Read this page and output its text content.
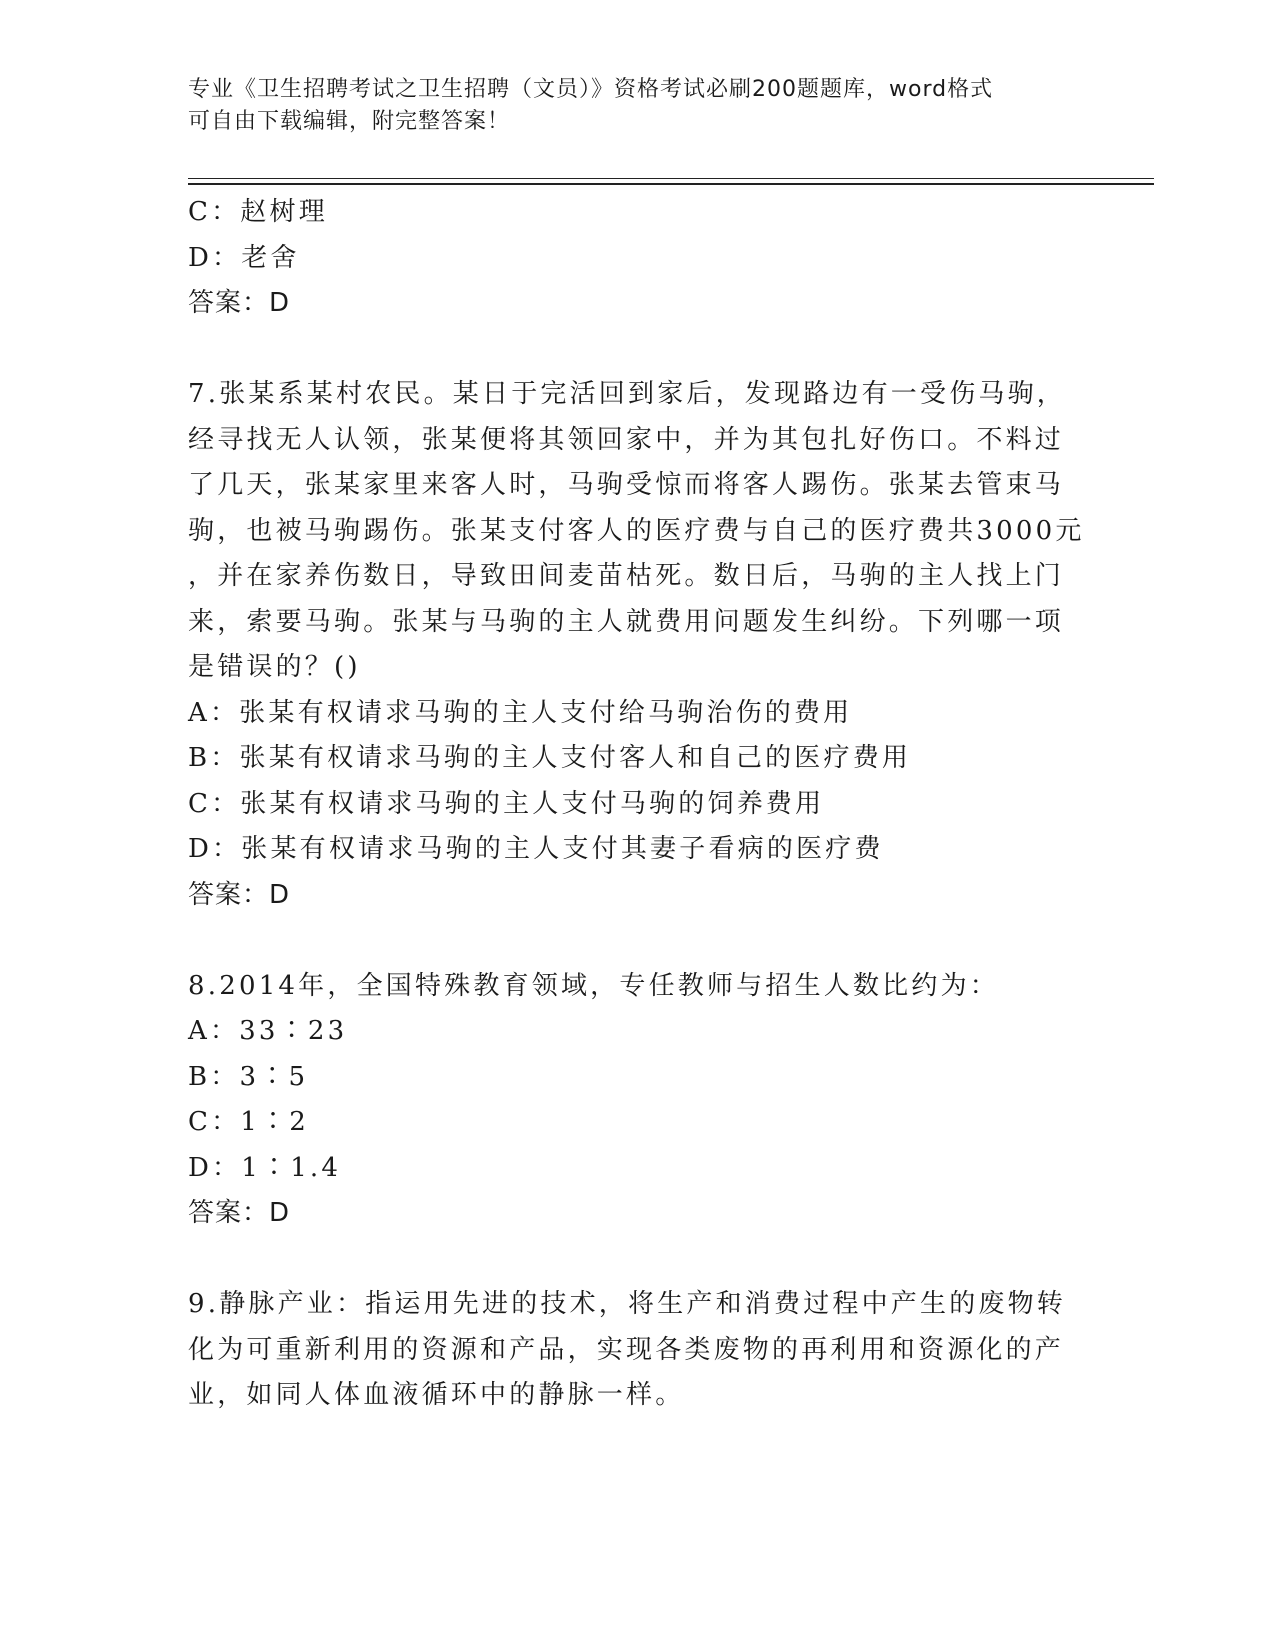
专业《卫生招聘考试之卫生招聘（文员）》资格考试必刷200题题库，word格式
可自由下载编辑，附完整答案！
C：赵树理
D：老舍
答案：D
7.张某系某村农民。某日于完活回到家后，发现路边有一受伤马驹，
经寻找无人认领，张某便将其领回家中，并为其包扎好伤口。不料过
了几天，张某家里来客人时，马驹受惊而将客人踢伤。张某去管束马
驹，也被马驹踢伤。张某支付客人的医疗费与自己的医疗费共3000元
，并在家养伤数日，导致田间麦苗枯死。数日后，马驹的主人找上门
来，索要马驹。张某与马驹的主人就费用问题发生纠纷。下列哪一项
是错误的？()
A：张某有权请求马驹的主人支付给马驹治伤的费用
B：张某有权请求马驹的主人支付客人和自己的医疗费用
C：张某有权请求马驹的主人支付马驹的饲养费用
D：张某有权请求马驹的主人支付其妻子看病的医疗费
答案：D
8.2014年，全国特殊教育领域，专任教师与招生人数比约为：
A：33∶23
B：3∶5
C：1∶2
D：1∶1.4
答案：D
9.静脉产业：指运用先进的技术，将生产和消费过程中产生的废物转
化为可重新利用的资源和产品，实现各类废物的再利用和资源化的产
业，如同人体血液循环中的静脉一样。
